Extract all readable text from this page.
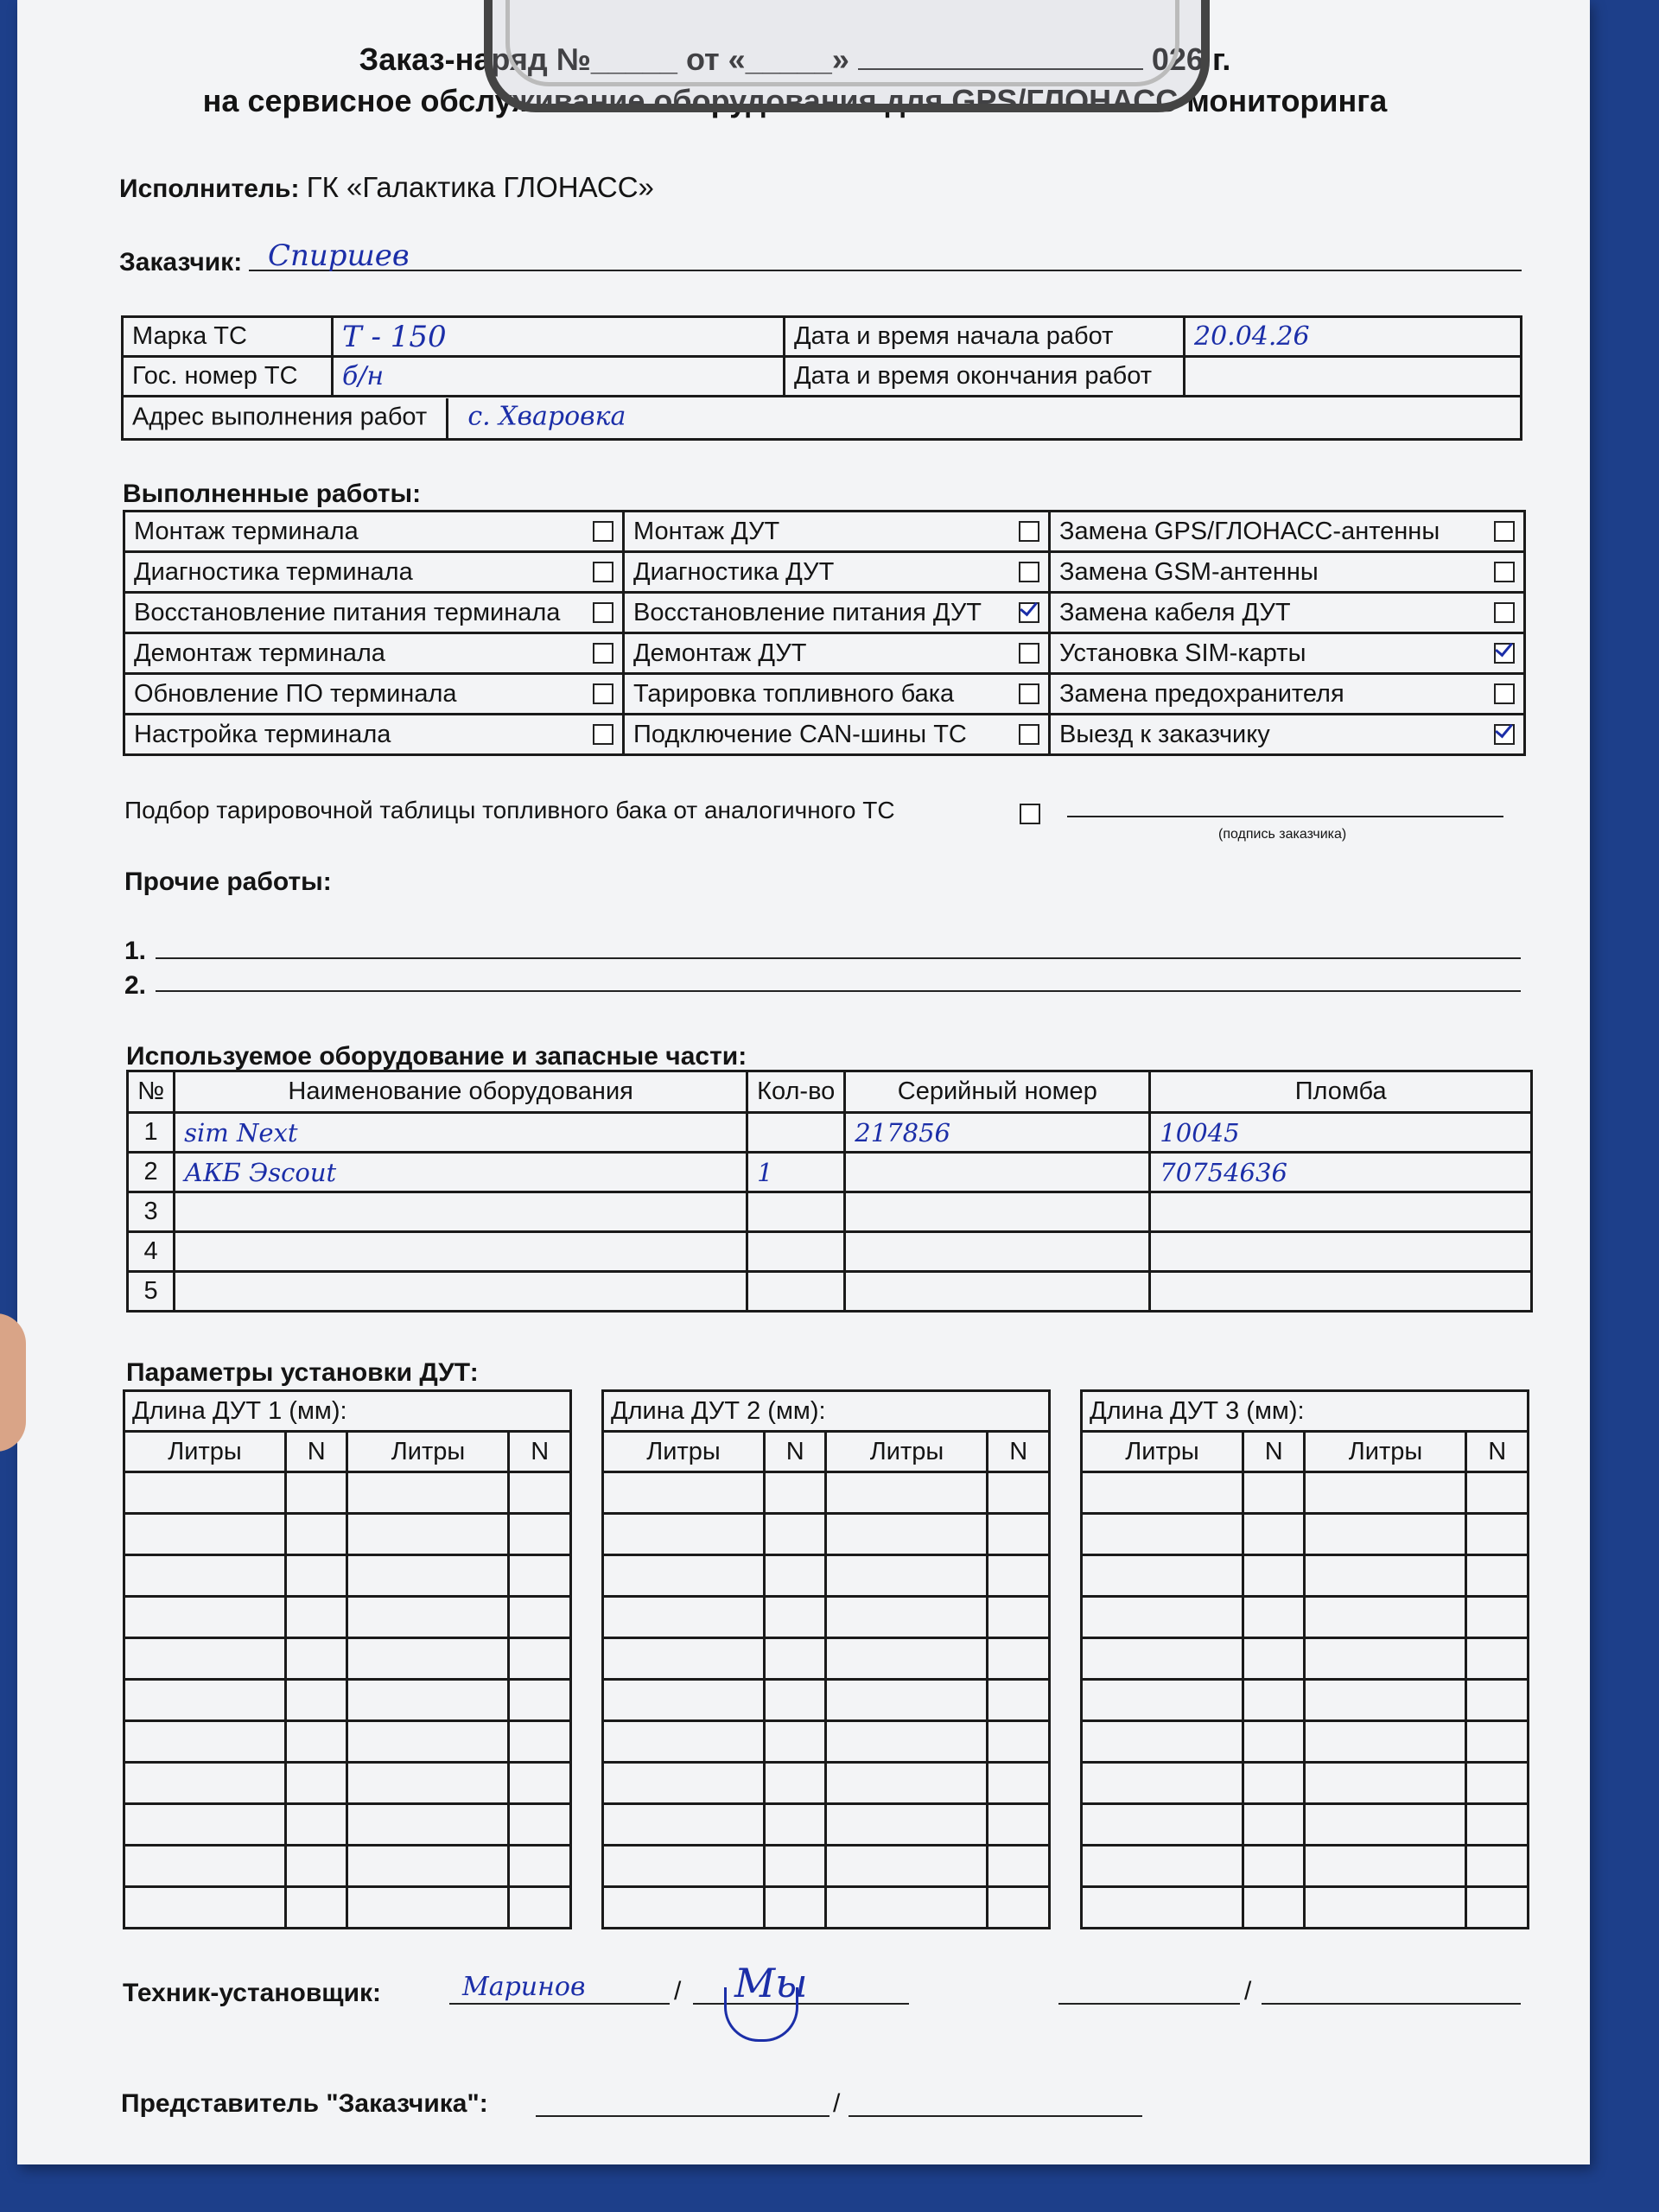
Заказ-наряд №_____ от «_____»	026 г.
на сервисное обслуживание оборудования для GPS/ГЛОНАСС мониторинга
Исполнитель: ГК «Галактика ГЛОНАСС»
Заказчик: Спиршев
Марка ТС	Т - 150	Дата и время начала работ	20.04.26
Гос. номер ТС	б/н	Дата и время окончания работ	
Адрес выполнения работ с. Хваровка			
Выполненные работы:
Монтаж терминала	Монтаж ДУТ	Замена GPS/ГЛОНАСС-антенны

Диагностика терминала	Диагностика ДУТ	Замена GSM-антенны

Восстановление питания терминала	Восстановление питания ДУТ	Замена кабеля ДУТ

Демонтаж терминала	Демонтаж ДУТ	Установка SIM-карты

Обновление ПО терминала	Тарировка топливного бака	Замена предохранителя

Настройка терминала	Подключение CAN-шины ТС	Выезд к заказчику
Подбор тарировочной таблицы топливного бака от аналогичного ТС
(подпись заказчика)
Прочие работы:
1.
2.
Используемое оборудование и запасные части:
№	Наименование оборудования	Кол-во	Серийный номер	Пломба
1	sim Next		217856	10045
2	АКБ Эscout	1		70754636
3				
4				
5				
Параметры установки ДУТ:
Длина ДУТ 1 (мм):			
Литры	N	Литры	N

Длина ДУТ 2 (мм):			
Литры	N	Литры	N

Длина ДУТ 3 (мм):			
Литры	N	Литры	N

Техник-установщик:	Маринов	/ Мы	/
Представитель "Заказчика":	/
